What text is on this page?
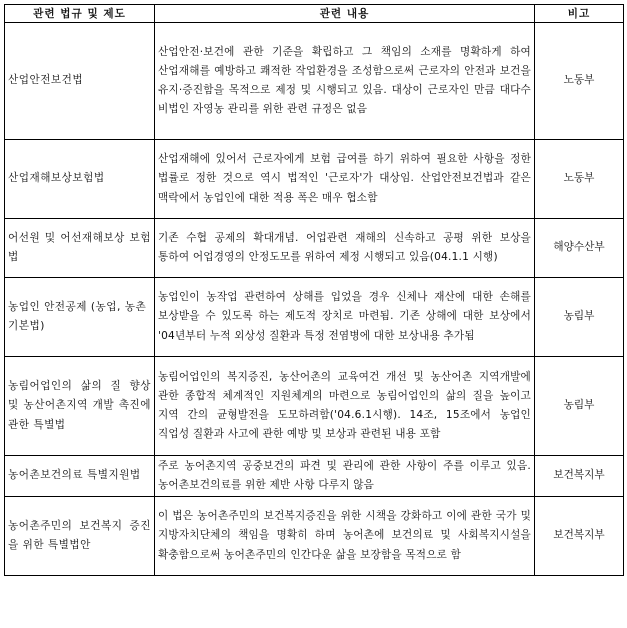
관련 법규 및 제도	관련 내용	비고
산업안전보건법	산업안전·보건에 관한 기준을 확립하고 그 책임의 소재를 명확하게 하여 산업재해를 예방하고 쾌적한 작업환경을 조성함으로써 근로자의 안전과 보건을 유지·증진함을 목적으로 제정 및 시행되고 있음. 대상이 근로자인 만큼 대다수 비법인 자영농 관리를 위한 관련 규정은 없음	노동부
산업재해보상보험법	산업재해에 있어서 근로자에게 보험 급여를 하기 위하여 필요한 사항을 정한 법률로 정한 것으로 역시 법적인 '근로자'가 대상임. 산업안전보건법과 같은 맥락에서 농업인에 대한 적용 폭은 매우 협소함	노동부
어선원 및 어선재해보상 보험법	기존 수협 공제의 확대개념. 어업관련 재해의 신속하고 공평 위한 보상을 통하여 어업경영의 안정도모를 위하여 제정 시행되고 있음(04.1.1 시행)	해양수산부
농업인 안전공제 (농업, 농촌 기본법)	농업인이 농작업 관련하여 상해를 입었을 경우 신체나 재산에 대한 손해를 보상받을 수 있도록 하는 제도적 장치로 마련됨. 기존 상해에 대한 보상에서 '04년부터 누적 외상성 질환과 특정 전염병에 대한 보상내용 추가됨	농림부
농림어업인의 삶의 질 향상 및 농산어촌지역 개발 촉진에 관한 특별법	농림어업인의 복지증진, 농산어촌의 교육여건 개선 및 농산어촌 지역개발에 관한 종합적 체계적인 지원체계의 마련으로 농림어업인의 삶의 질을 높이고 지역 간의 균형발전을 도모하려함('04.6.1시행). 14조, 15조에서 농업인 직업성 질환과 사고에 관한 예방 및 보상과 관련된 내용 포함	농림부
농어촌보건의료 특별지원법	주로 농어촌지역 공중보건의 파견 및 관리에 관한 사항이 주를 이루고 있음. 농어촌보건의료를 위한 제반 사항 다루지 않음	보건복지부
농어촌주민의 보건복지 증진을 위한 특별법안	이 법은 농어촌주민의 보건복지증진을 위한 시책을 강화하고 이에 관한 국가 및 지방자치단체의 책임을 명확히 하며 농어촌에 보건의료 및 사회복지시설을 확충함으로써 농어촌주민의 인간다운 삶을 보장함을 목적으로 함	보건복지부
